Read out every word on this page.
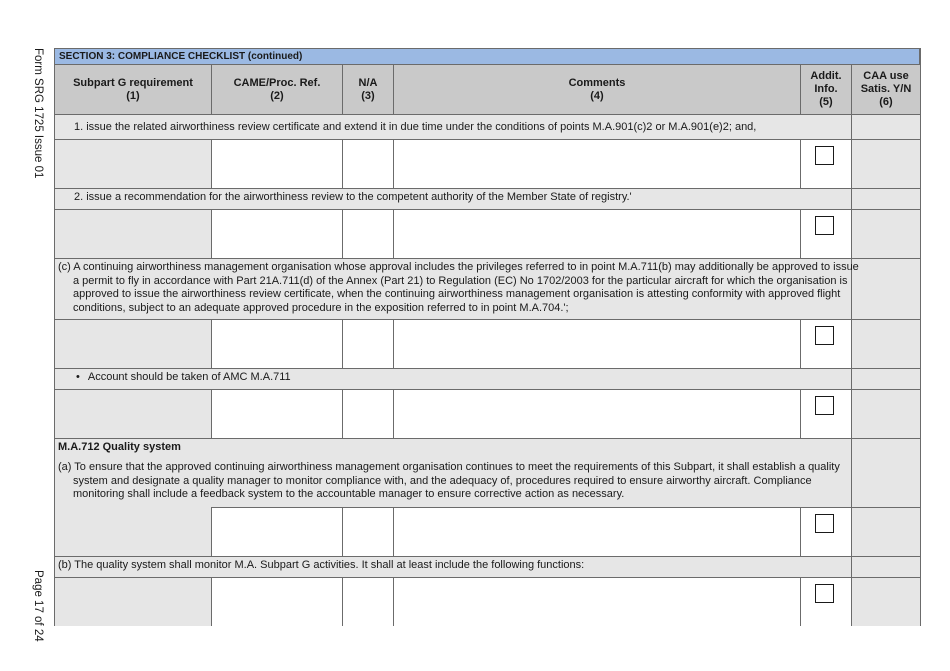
Form SRG 1725 Issue 01
Page 17 of 24
SECTION 3: COMPLIANCE CHECKLIST (continued)
Subpart G requirement
(1)
CAME/Proc. Ref.
(2)
N/A
(3)
Comments
(4)
Addit.
Info.
(5)
CAA use
Satis. Y/N
(6)
1. issue the related airworthiness review certificate and extend it in due time under the conditions of points M.A.901(c)2 or M.A.901(e)2; and,
2. issue a recommendation for the airworthiness review to the competent authority of the Member State of registry.'
(c) A continuing airworthiness management organisation whose approval includes the privileges referred to in point M.A.711(b) may additionally be approved to issue a permit to fly in accordance with Part 21A.711(d) of the Annex (Part 21) to Regulation (EC) No 1702/2003 for the particular aircraft for which the organisation is approved to issue the airworthiness review certificate, when the continuing airworthiness management organisation is attesting conformity with approved flight conditions, subject to an adequate approved procedure in the exposition referred to in point M.A.704.';
• Account should be taken of AMC M.A.711
M.A.712 Quality system
(a) To ensure that the approved continuing airworthiness management organisation continues to meet the requirements of this Subpart, it shall establish a quality system and designate a quality manager to monitor compliance with, and the adequacy of, procedures required to ensure airworthy aircraft. Compliance monitoring shall include a feedback system to the accountable manager to ensure corrective action as necessary.
(b) The quality system shall monitor M.A. Subpart G activities. It shall at least include the following functions:
